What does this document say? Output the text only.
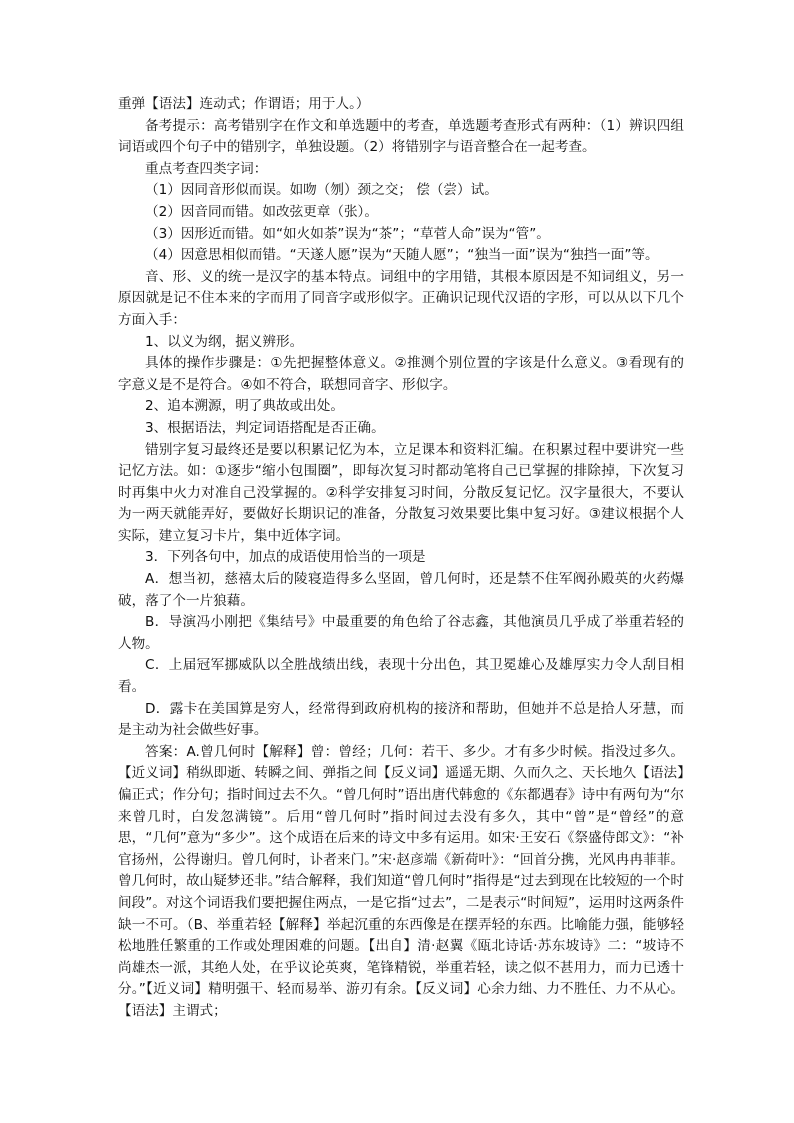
重弹【语法】连动式；作谓语；用于人。）

备考提示：高考错别字在作文和单选题中的考查，单选题考查形式有两种：（1）辨识四组词语或四个句子中的错别字，单独设题。（2）将错别字与语音整合在一起考查。

重点考查四类字词：

（1）因同音形似而误。如吻（刎）颈之交； 偿（尝）试。

（2）因音同而错。如改弦更章（张）。

（3）因形近而错。如“如火如荼”误为“茶”；“草菅人命”误为“管”。

（4）因意思相似而错。“天遂人愿”误为“天随人愿”；“独当一面”误为“独挡一面”等。

音、形、义的统一是汉字的基本特点。词组中的字用错，其根本原因是不知词组义，另一原因就是记不住本来的字而用了同音字或形似字。正确识记现代汉语的字形，可以从以下几个方面入手：

1、以义为纲，据义辨形。

具体的操作步骤是：①先把握整体意义。②推测个别位置的字该是什么意义。③看现有的字意义是不是符合。④如不符合，联想同音字、形似字。

2、追本溯源，明了典故或出处。

3、根据语法，判定词语搭配是否正确。

错别字复习最终还是要以积累记忆为本，立足课本和资料汇编。在积累过程中要讲究一些记忆方法。如：①逐步“缩小包围圈”，即每次复习时都动笔将自己已掌握的排除掉，下次复习时再集中火力对准自己没掌握的。②科学安排复习时间，分散反复记忆。汉字量很大，不要认为一两天就能弄好，要做好长期识记的准备，分散复习效果要比集中复习好。③建议根据个人实际，建立复习卡片，集中近体字词。

3．下列各句中，加点的成语使用恰当的一项是

A．想当初，慈禧太后的陵寝造得多么坚固，曾几何时，还是禁不住军阀孙殿英的火药爆破，落了个一片狼藉。

B．导演冯小刚把《集结号》中最重要的角色给了谷志鑫，其他演员几乎成了举重若轻的人物。

C．上届冠军挪威队以全胜战绩出线，表现十分出色，其卫冕雄心及雄厚实力令人刮目相看。

D．露卡在美国算是穷人，经常得到政府机构的接济和帮助，但她并不总是拾人牙慧，而是主动为社会做些好事。

答案：A.曾几何时【解释】曾：曾经；几何：若干、多少。才有多少时候。指没过多久。【近义词】稍纵即逝、转瞬之间、弹指之间【反义词】遥遥无期、久而久之、天长地久【语法】偏正式；作分句；指时间过去不久。“曾几何时”语出唐代韩愈的《东都遇春》诗中有两句为“尔来曾几时，白发忽满镜”。后用“曾几何时”指时间过去没有多久，其中“曾”是“曾经”的意思，“几何”意为“多少”。这个成语在后来的诗文中多有运用。如宋·王安石《祭盛侍郎文》：“补官扬州，公得谢归。曾几何时，讣者来门。”宋·赵彦端《新荷叶》：“回首分携，光风冉冉菲菲。曾几何时，故山疑梦还非。”结合解释，我们知道“曾几何时”指得是“过去到现在比较短的一个时间段”。对这个词语我们要把握住两点，一是它指“过去”，二是表示“时间短”，运用时这两条件缺一不可。（B、举重若轻【解释】举起沉重的东西像是在摆弄轻的东西。比喻能力强，能够轻松地胜任繁重的工作或处理困难的问题。【出自】清·赵翼《瓯北诗话·苏东坡诗》二：“坡诗不尚雄杰一派，其绝人处，在乎议论英爽，笔锋精锐，举重若轻，读之似不甚用力，而力已透十分。”【近义词】精明强干、轻而易举、游刃有余。【反义词】心余力绌、力不胜任、力不从心。【语法】主谓式；
